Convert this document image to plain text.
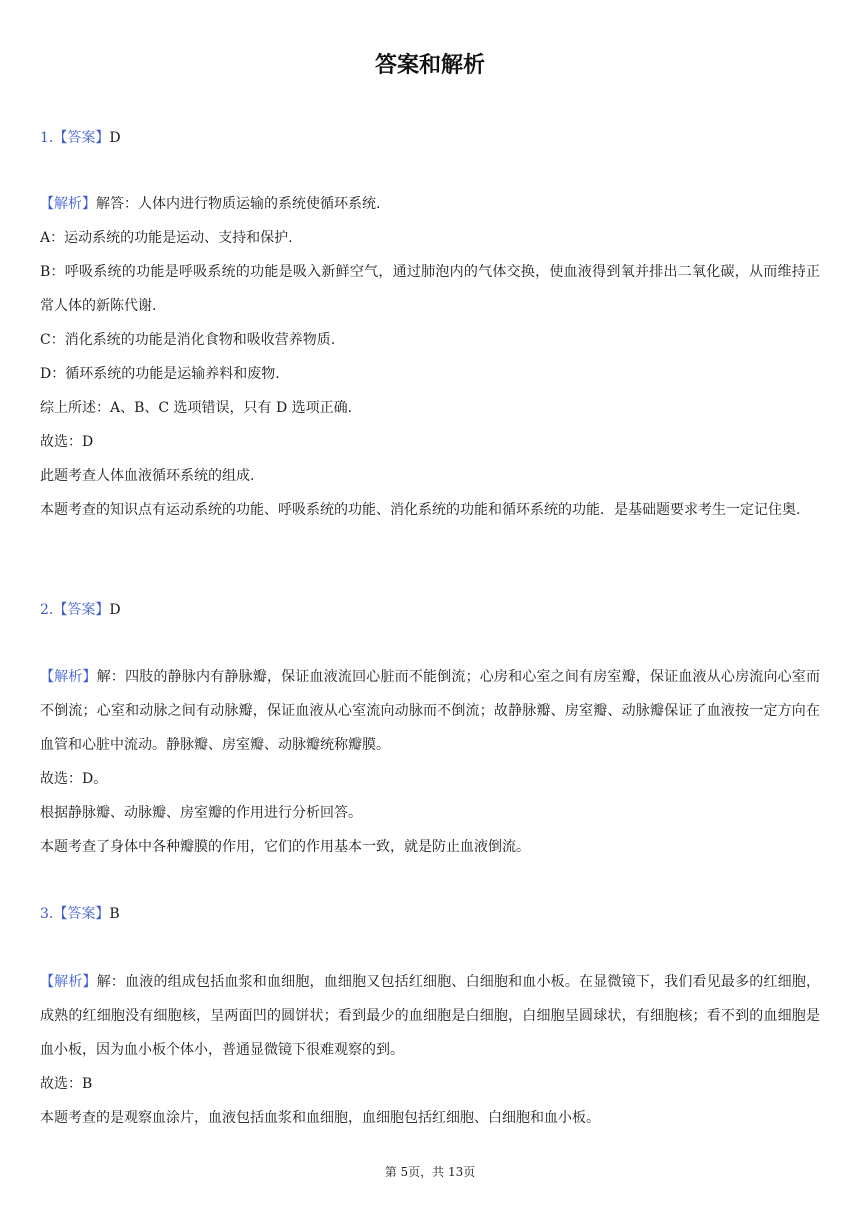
答案和解析

1.【答案】D

【解析】解答：人体内进行物质运输的系统使循环系统.

A：运动系统的功能是运动、支持和保护.

B：呼吸系统的功能是呼吸系统的功能是吸入新鲜空气，通过肺泡内的气体交换，使血液得到氧并排出二氧化碳，从而维持正常人体的新陈代谢.

C：消化系统的功能是消化食物和吸收营养物质.

D：循环系统的功能是运输养料和废物.

综上所述：A、B、C 选项错误，只有 D 选项正确.

故选：D

此题考查人体血液循环系统的组成.

本题考查的知识点有运动系统的功能、呼吸系统的功能、消化系统的功能和循环系统的功能．是基础题要求考生一定记住奥.

2.【答案】D

【解析】解：四肢的静脉内有静脉瓣，保证血液流回心脏而不能倒流；心房和心室之间有房室瓣，保证血液从心房流向心室而不倒流；心室和动脉之间有动脉瓣，保证血液从心室流向动脉而不倒流；故静脉瓣、房室瓣、动脉瓣保证了血液按一定方向在血管和心脏中流动。静脉瓣、房室瓣、动脉瓣统称瓣膜。

故选：D。

根据静脉瓣、动脉瓣、房室瓣的作用进行分析回答。

本题考查了身体中各种瓣膜的作用，它们的作用基本一致，就是防止血液倒流。

3.【答案】B

【解析】解：血液的组成包括血浆和血细胞，血细胞又包括红细胞、白细胞和血小板。在显微镜下，我们看见最多的红细胞，成熟的红细胞没有细胞核，呈两面凹的圆饼状；看到最少的血细胞是白细胞，白细胞呈圆球状，有细胞核；看不到的血细胞是血小板，因为血小板个体小，普通显微镜下很难观察的到。

故选：B

本题考查的是观察血涂片，血液包括血浆和血细胞，血细胞包括红细胞、白细胞和血小板。

第 5页，共 13页
